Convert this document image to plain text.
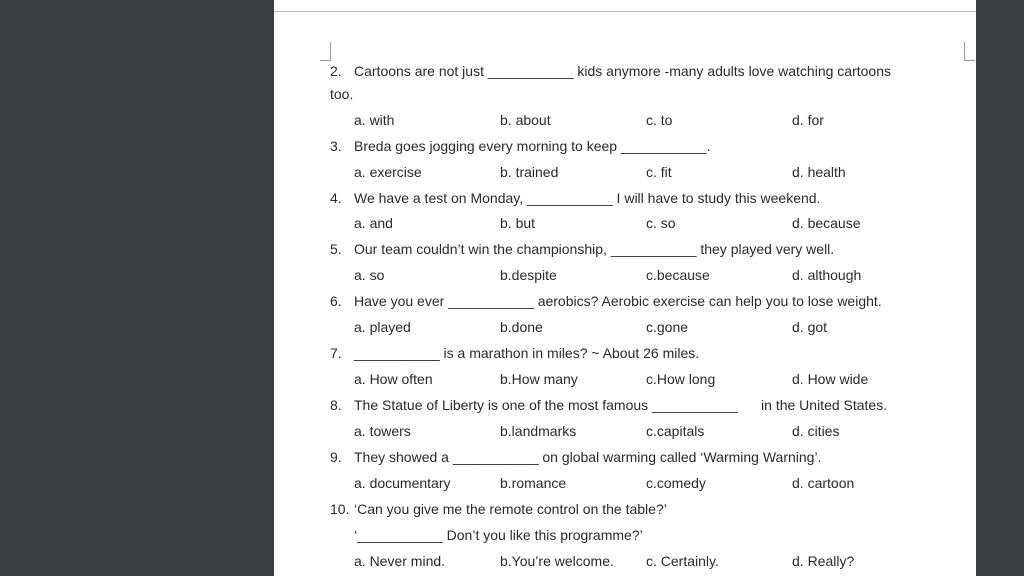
2. Cartoons are not just ___________ kids anymore -many adults love watching cartoons
too.
a. with	b. about	c. to	d. for
3. Breda goes jogging every morning to keep ___________.
a. exercise	b. trained	c. fit	d. health
4. We have a test on Monday, ___________ I will have to study this weekend.
a. and	b. but	c. so	d. because
5. Our team couldn’t win the championship, ___________ they played very well.
a. so	b.despite	c.because	d. although
6. Have you ever ___________ aerobics? Aerobic exercise can help you to lose weight.
a. played	b.done	c.gone	d. got
7. ___________ is a marathon in miles? ~ About 26 miles.
a. How often	b.How many	c.How long	d. How wide
8. The Statue of Liberty is one of the most famous ___________      in the United States.
a. towers	b.landmarks	c.capitals	d. cities
9. They showed a ___________ on global warming called ‘Warming Warning’.
a. documentary	b.romance	c.comedy	d. cartoon
10. ‘Can you give me the remote control on the table?’
‘___________ Don’t you like this programme?’
a. Never mind.	b.You’re welcome. c. Certainly.	d. Really?
